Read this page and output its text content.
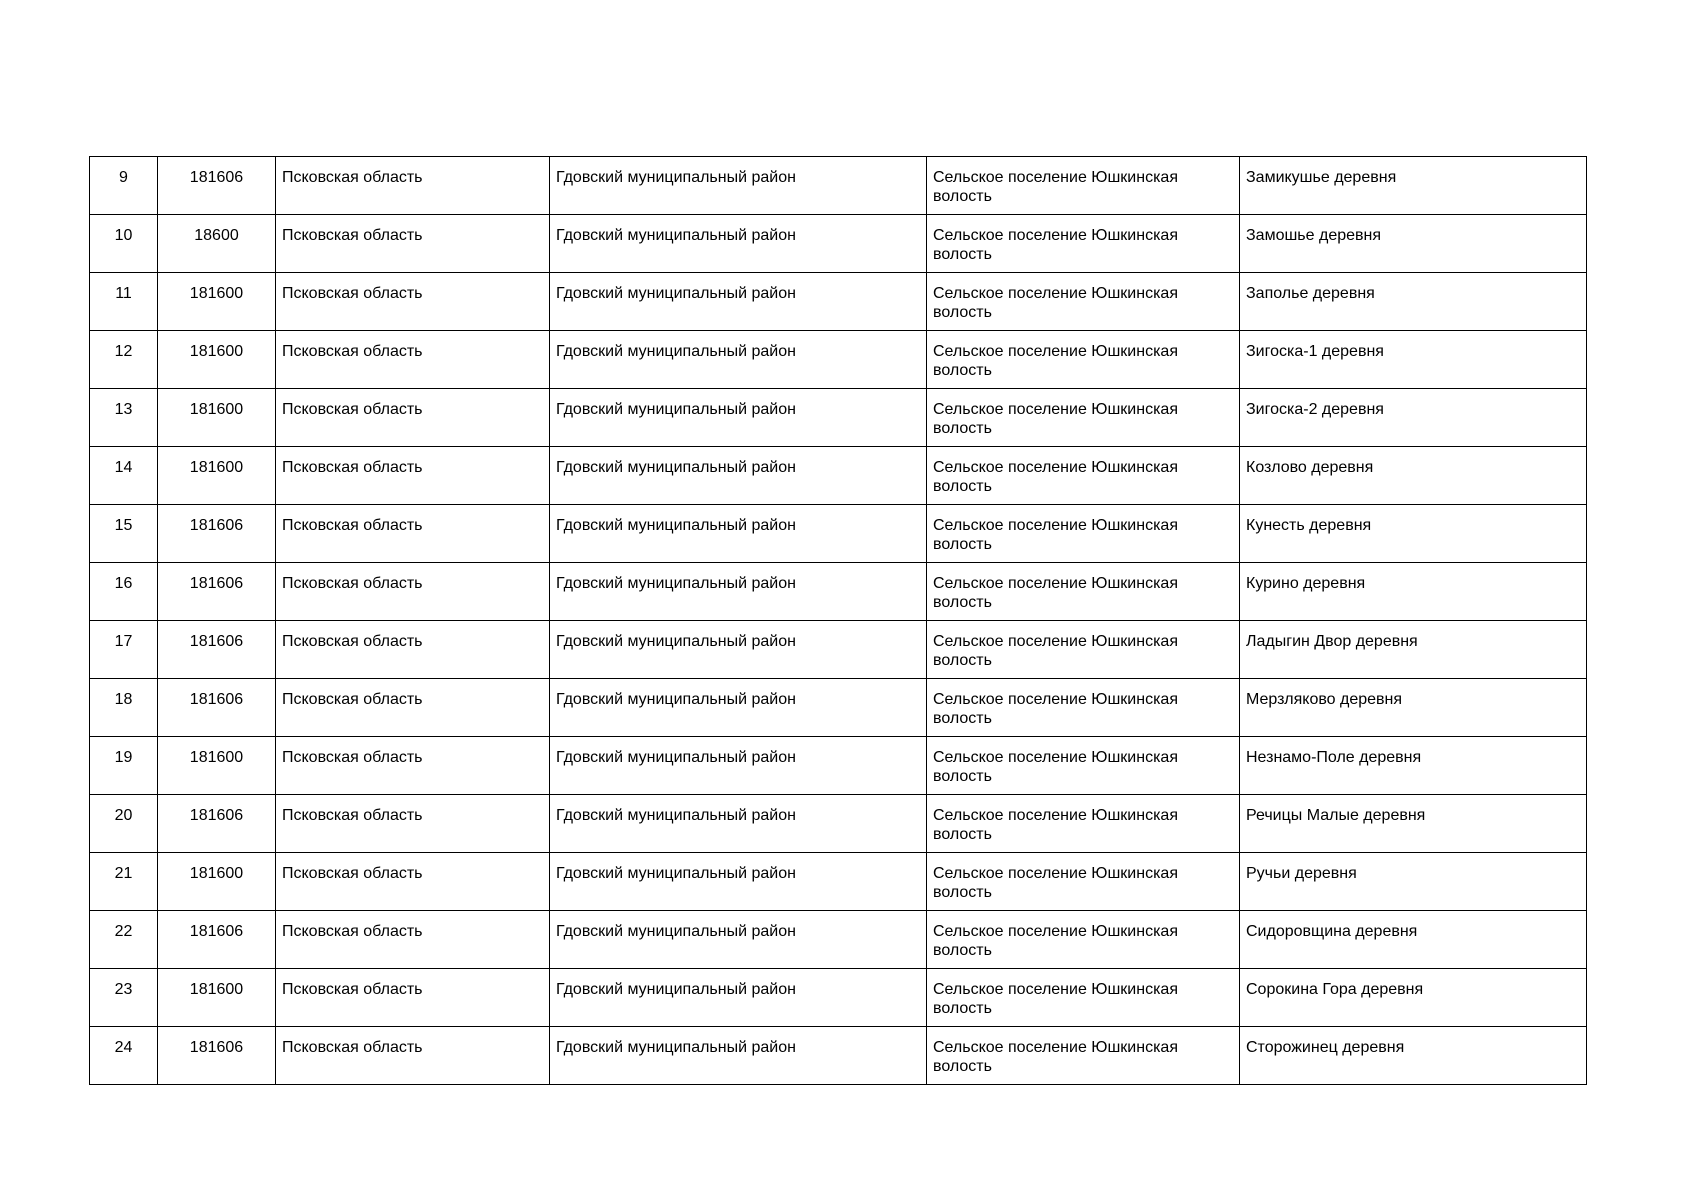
9	181606	Псковская область	Гдовский муниципальный район	Сельское поселение Юшкинская волость	Замикушье деревня

10	18600	Псковская область	Гдовский муниципальный район	Сельское поселение Юшкинская волость	Замошье деревня

11	181600	Псковская область	Гдовский муниципальный район	Сельское поселение Юшкинская волость	Заполье деревня

12	181600	Псковская область	Гдовский муниципальный район	Сельское поселение Юшкинская волость	Зигоска-1 деревня

13	181600	Псковская область	Гдовский муниципальный район	Сельское поселение Юшкинская волость	Зигоска-2 деревня

14	181600	Псковская область	Гдовский муниципальный район	Сельское поселение Юшкинская волость	Козлово деревня

15	181606	Псковская область	Гдовский муниципальный район	Сельское поселение Юшкинская волость	Кунесть деревня

16	181606	Псковская область	Гдовский муниципальный район	Сельское поселение Юшкинская волость	Курино деревня

17	181606	Псковская область	Гдовский муниципальный район	Сельское поселение Юшкинская волость	Ладыгин Двор деревня

18	181606	Псковская область	Гдовский муниципальный район	Сельское поселение Юшкинская волость	Мерзляково деревня

19	181600	Псковская область	Гдовский муниципальный район	Сельское поселение Юшкинская волость	Незнамо-Поле деревня

20	181606	Псковская область	Гдовский муниципальный район	Сельское поселение Юшкинская волость	Речицы Малые деревня

21	181600	Псковская область	Гдовский муниципальный район	Сельское поселение Юшкинская волость	Ручьи деревня

22	181606	Псковская область	Гдовский муниципальный район	Сельское поселение Юшкинская волость	Сидоровщина деревня

23	181600	Псковская область	Гдовский муниципальный район	Сельское поселение Юшкинская волость	Сорокина Гора деревня

24	181606	Псковская область	Гдовский муниципальный район	Сельское поселение Юшкинская волость	Сторожинец деревня
